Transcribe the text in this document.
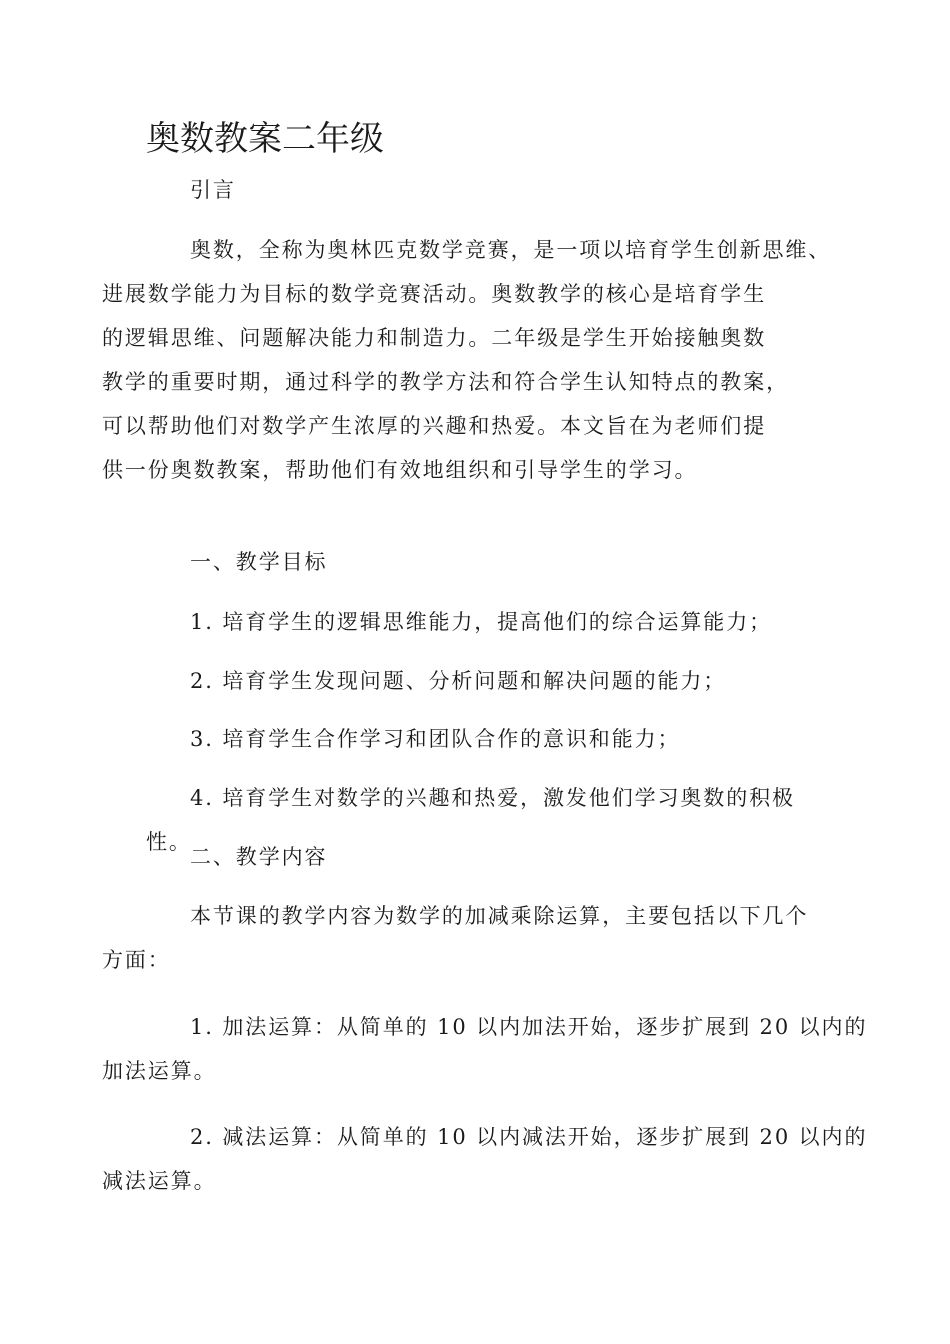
奥数教案二年级

引言

奥数，全称为奥林匹克数学竞赛，是一项以培育学生创新思维、
进展数学能力为目标的数学竞赛活动。奥数教学的核心是培育学生
的逻辑思维、问题解决能力和制造力。二年级是学生开始接触奥数
教学的重要时期，通过科学的教学方法和符合学生认知特点的教案，
可以帮助他们对数学产生浓厚的兴趣和热爱。本文旨在为老师们提
供一份奥数教案，帮助他们有效地组织和引导学生的学习。

一、教学目标

1. 培育学生的逻辑思维能力，提高他们的综合运算能力；

2. 培育学生发现问题、分析问题和解决问题的能力；

3. 培育学生合作学习和团队合作的意识和能力；

4. 培育学生对数学的兴趣和热爱，激发他们学习奥数的积极性。

二、教学内容

本节课的教学内容为数学的加减乘除运算，主要包括以下几个
方面：

1. 加法运算：从简单的 10 以内加法开始，逐步扩展到 20 以内的
加法运算。

2. 减法运算：从简单的 10 以内减法开始，逐步扩展到 20 以内的
减法运算。
